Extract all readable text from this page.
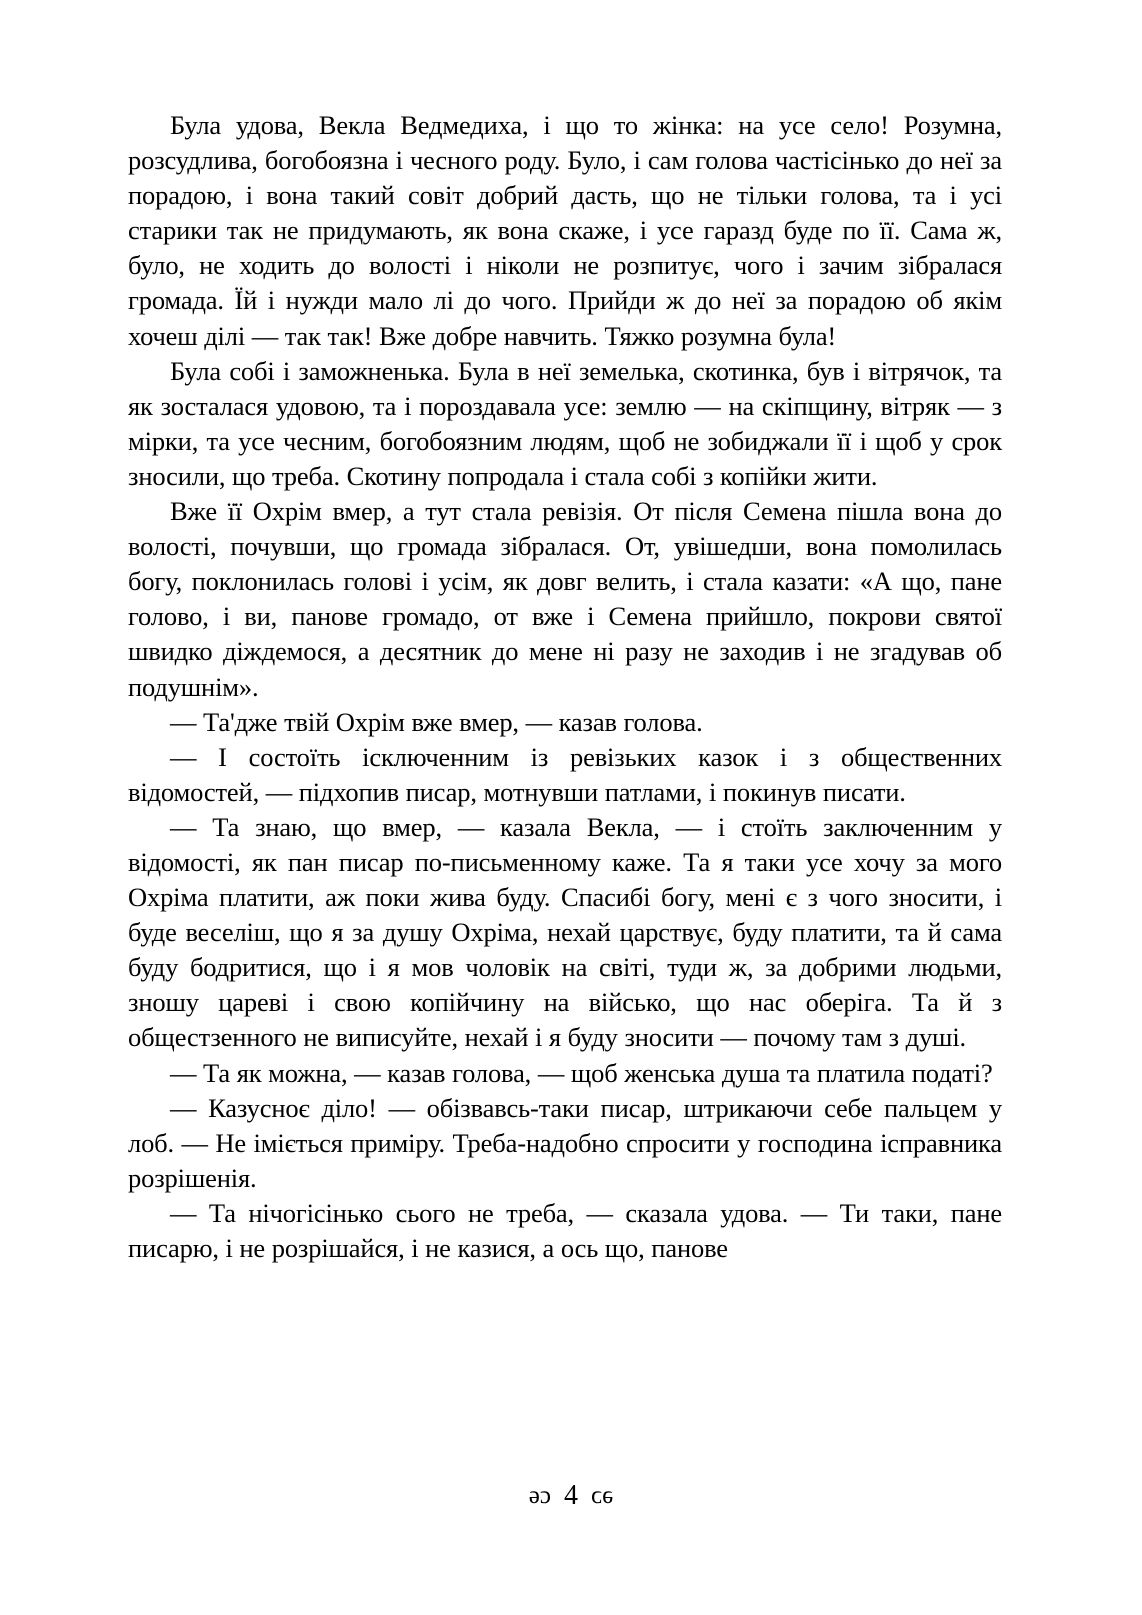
Була удова, Векла Ведмедиха, і що то жінка: на усе село! Розумна, розсудлива, богобоязна і чесного роду. Було, і сам голова частісінько до неї за порадою, і вона такий совіт добрий дасть, що не тільки голова, та і усі старики так не придумають, як вона скаже, і усе гаразд буде по її. Сама ж, було, не ходить до волості і ніколи не розпитує, чого і зачим зібралася громада. Їй і нужди мало лі до чого. Прийди ж до неї за порадою об якім хочеш ділі — так так! Вже добре навчить. Тяжко розумна була!

Була собі і заможненька. Була в неї земелька, скотинка, був і вітрячок, та як зосталася удовою, та і пороздавала усе: землю — на скіпщину, вітряк — з мірки, та усе чесним, богобоязним людям, щоб не зобиджали її і щоб у срок зносили, що треба. Скотину попродала і стала собі з копійки жити.

Вже її Охрім вмер, а тут стала ревізія. От після Семена пішла вона до волості, почувши, що громада зібралася. От, увішедши, вона помолилась богу, поклонилась голові і усім, як довг велить, і стала казати: «А що, пане голово, і ви, панове громадо, от вже і Семена прийшло, покрови святої швидко діждемося, а десятник до мене ні разу не заходив і не згадував об подушнім».

— Та'дже твій Охрім вже вмер, — казав голова.

— І состоїть ісключенним із ревізьких казок і з общественних відомостей, — підхопив писар, мотнувши патлами, і покинув писати.

— Та знаю, що вмер, — казала Векла, — і стоїть заключенним у відомості, як пан писар по-письменному каже. Та я таки усе хочу за мого Охріма платити, аж поки жива буду. Спасибі богу, мені є з чого зносити, і буде веселіш, що я за душу Охріма, нехай царствує, буду платити, та й сама буду бодритися, що і я мов чоловік на світі, туди ж, за добрими людьми, зношу цареві і свою копійчину на військо, що нас оберіга. Та й з общестзенного не виписуйте, нехай і я буду зносити — почому там з душі.

— Та як можна, — казав голова, — щоб женська душа та платила податі?

— Казусноє діло! — обізвавсь-таки писар, штрикаючи себе пальцем у лоб. — Не іміється приміру. Треба-надобно спросити у господина ісправника розрішенія.

— Та нічогісінько сього не треба, — сказала удова. — Ти таки, пане писарю, і не розрішайся, і не казися, а ось що, панове

əɔ 4 əɔ
